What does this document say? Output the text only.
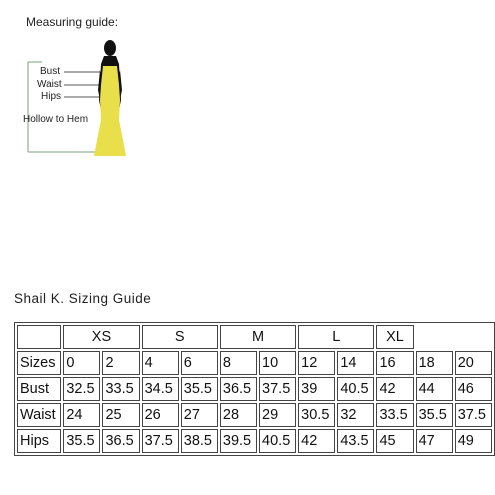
Measuring guide:
Bust
Waist
Hips
Hollow to Hem
Shail K. Sizing Guide
	XS		S		M		L		XL		
Sizes	0	2	4	6	8	10	12	14	16	18	20
Bust	32.5	33.5	34.5	35.5	36.5	37.5	39	40.5	42	44	46
Waist	24	25	26	27	28	29	30.5	32	33.5	35.5	37.5
Hips	35.5	36.5	37.5	38.5	39.5	40.5	42	43.5	45	47	49
